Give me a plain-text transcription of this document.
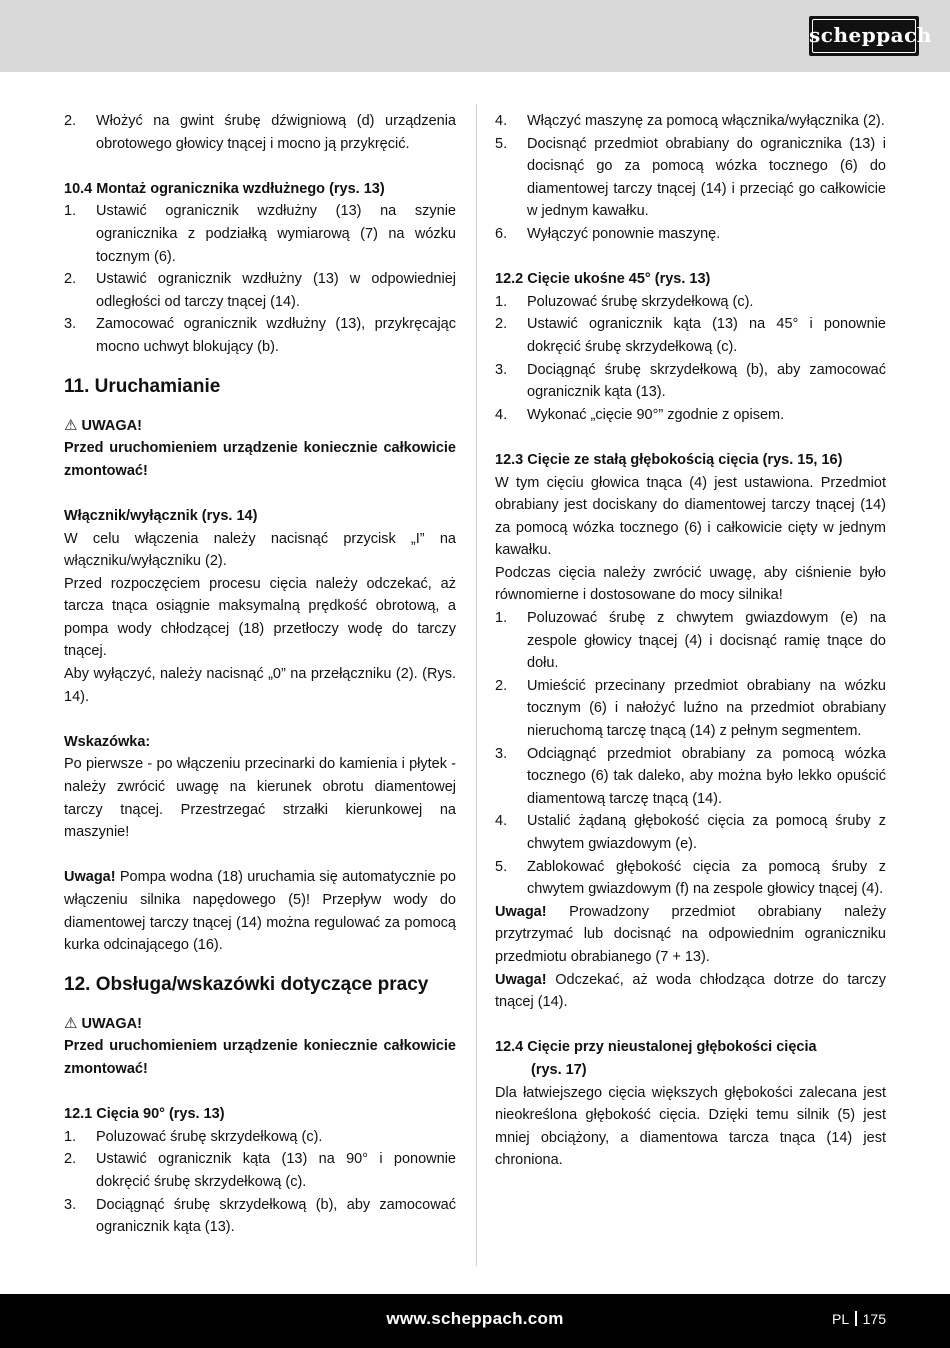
scheppach
2.	Włożyć na gwint śrubę dźwigniową (d) urządzenia obrotowego głowicy tnącej i mocno ją przykręcić.

10.4 Montaż ogranicznika wzdłużnego (rys. 13)

1.	Ustawić ogranicznik wzdłużny (13) na szynie ogranicznika z podziałką wymiarową (7) na wózku tocznym (6).
2.	Ustawić ogranicznik wzdłużny (13) w odpowiedniej odległości od tarczy tnącej (14).
3.	Zamocować ogranicznik wzdłużny (13), przykręcając mocno uchwyt blokujący (b).

11. Uruchamianie

⚠ UWAGA!

Przed uruchomieniem urządzenie koniecznie całkowicie zmontować!

Włącznik/wyłącznik (rys. 14)

W celu włączenia należy nacisnąć przycisk „I” na włączniku/wyłączniku (2).

Przed rozpoczęciem procesu cięcia należy odczekać, aż tarcza tnąca osiągnie maksymalną prędkość obrotową, a pompa wody chłodzącej (18) przetłoczy wodę do tarczy tnącej.

Aby wyłączyć, należy nacisnąć „0” na przełączniku (2). (Rys. 14).

Wskazówka:

Po pierwsze - po włączeniu przecinarki do kamienia i płytek - należy zwrócić uwagę na kierunek obrotu diamentowej tarczy tnącej. Przestrzegać strzałki kierunkowej na maszynie!

Uwaga! Pompa wodna (18) uruchamia się automatycznie po włączeniu silnika napędowego (5)! Przepływ wody do diamentowej tarczy tnącej (14) można regulować za pomocą kurka odcinającego (16).

12. Obsługa/wskazówki dotyczące pracy

⚠ UWAGA!

Przed uruchomieniem urządzenie koniecznie całkowicie zmontować!

12.1 Cięcia 90° (rys. 13)

1.	Poluzować śrubę skrzydełkową (c).
2.	Ustawić ogranicznik kąta (13) na 90° i ponownie dokręcić śrubę skrzydełkową (c).
3.	Dociągnąć śrubę skrzydełkową (b), aby zamocować ogranicznik kąta (13).
4.	Włączyć maszynę za pomocą włącznika/wyłącznika (2).
5.	Docisnąć przedmiot obrabiany do ogranicznika (13) i docisnąć go za pomocą wózka tocznego (6) do diamentowej tarczy tnącej (14) i przeciąć go całkowicie w jednym kawałku.
6.	Wyłączyć ponownie maszynę.

12.2 Cięcie ukośne 45° (rys. 13)

1.	Poluzować śrubę skrzydełkową (c).
2.	Ustawić ogranicznik kąta (13) na 45° i ponownie dokręcić śrubę skrzydełkową (c).
3.	Dociągnąć śrubę skrzydełkową (b), aby zamocować ogranicznik kąta (13).
4.	Wykonać „cięcie 90°” zgodnie z opisem.

12.3 Cięcie ze stałą głębokością cięcia (rys. 15, 16)

W tym cięciu głowica tnąca (4) jest ustawiona. Przedmiot obrabiany jest dociskany do diamentowej tarczy tnącej (14) za pomocą wózka tocznego (6) i całkowicie cięty w jednym kawałku.

Podczas cięcia należy zwrócić uwagę, aby ciśnienie było równomierne i dostosowane do mocy silnika!

1.	Poluzować śrubę z chwytem gwiazdowym (e) na zespole głowicy tnącej (4) i docisnąć ramię tnące do dołu.
2.	Umieścić przecinany przedmiot obrabiany na wózku tocznym (6) i nałożyć luźno na przedmiot obrabiany nieruchomą tarczę tnącą (14) z pełnym segmentem.
3.	Odciągnąć przedmiot obrabiany za pomocą wózka tocznego (6) tak daleko, aby można było lekko opuścić diamentową tarczę tnącą (14).
4.	Ustalić żądaną głębokość cięcia za pomocą śruby z chwytem gwiazdowym (e).
5.	Zablokować głębokość cięcia za pomocą śruby z chwytem gwiazdowym (f) na zespole głowicy tnącej (4).

Uwaga! Prowadzony przedmiot obrabiany należy przytrzymać lub docisnąć na odpowiednim ograniczniku przedmiotu obrabianego (7 + 13).

Uwaga! Odczekać, aż woda chłodząca dotrze do tarczy tnącej (14).

12.4 Cięcie przy nieustalonej głębokości cięcia

(rys. 17)

Dla łatwiejszego cięcia większych głębokości zalecana jest nieokreślona głębokość cięcia. Dzięki temu silnik (5) jest mniej obciążony, a diamentowa tarcza tnąca (14) jest chroniona.

www.scheppach.com	PL 175
